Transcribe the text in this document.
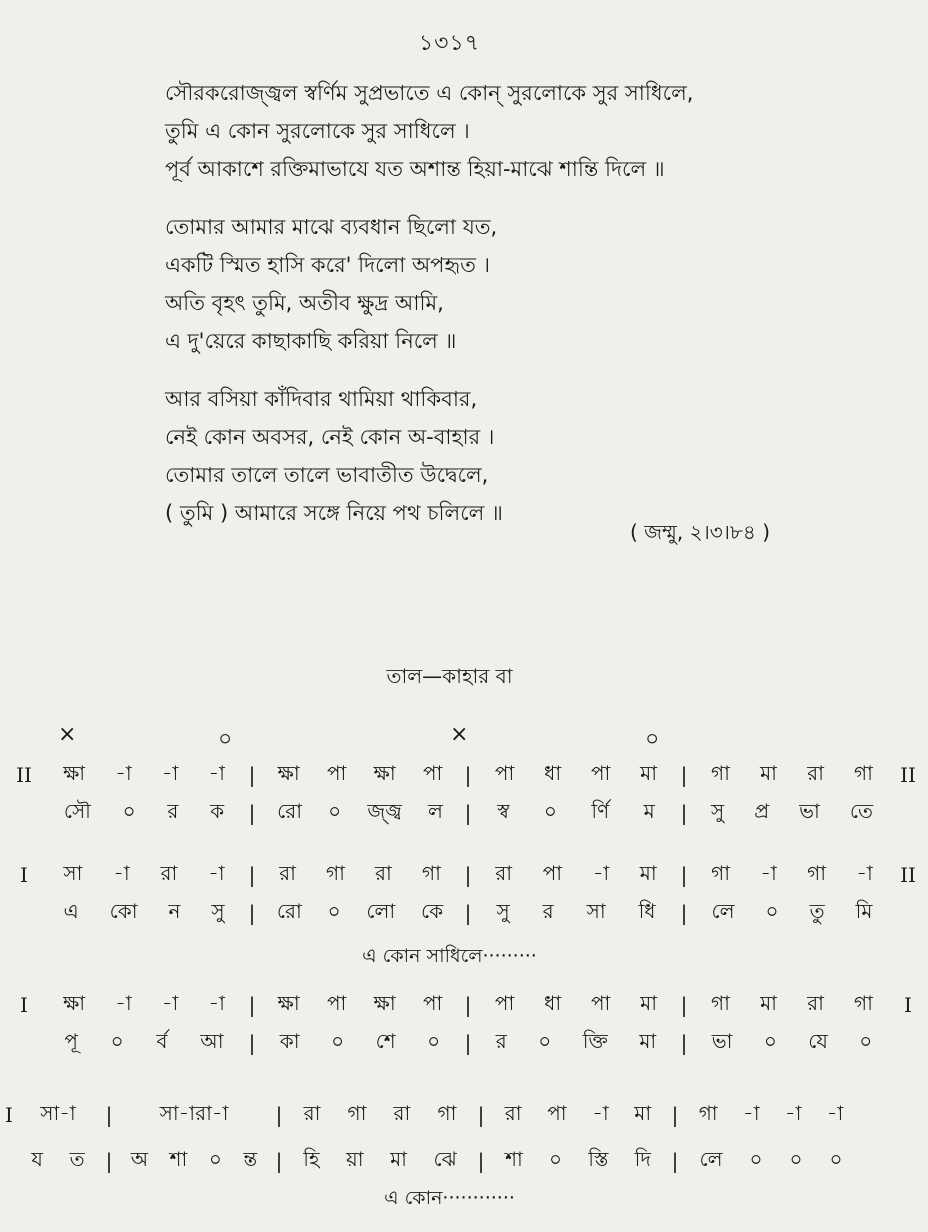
১৩১৭
সৌরকরোজ্জ্বল স্বর্ণিম সুপ্রভাতে এ কোন্ সুরলোকে সুর সাধিলে,
তুমি এ কোন সুরলোকে সুর সাধিলে ।
পূর্ব আকাশে রক্তিমাভাযে যত অশান্ত হিয়া-মাঝে শান্তি দিলে ॥
তোমার আমার মাঝে ব্যবধান ছিলো যত,
একটি স্মিত হাসি করে' দিলো অপহৃত ।
অতি বৃহৎ তুমি, অতীব ক্ষুদ্র আমি,
এ দু'য়েরে কাছাকাছি করিয়া নিলে ॥
আর বসিয়া কাঁদিবার থামিয়া থাকিবার,
নেই কোন অবসর, নেই কোন অ-বাহার ।
তোমার তালে তালে ভাবাতীত উদ্বেলে,
( তুমি ) আমারে সঙ্গে নিয়ে পথ চলিলে ॥
( জম্মু, ২।৩।৮৪ )
তাল—কাহার বা
×	০	×	০
II	ক্ষা -া -া -া	|	ক্ষা পা ক্ষা পা	|	পা ধা পা মা	|	গা মা রা গা	II
সৌ ০ র ক	|	রো ০ জ্জ্ব ল	|	স্ব ০ র্ণি ম	|	সু প্র ভা তে
I	সা -া রা -া	|	রা গা রা গা	|	রা পা -া মা	|	গা -া গা -া	II
এ কো ন সু	|	রো ০ লো কে	|	সু র সা ধি	|	লে ০ তু মি
I	ক্ষা -া -া -া	|	ক্ষা পা ক্ষা পা	|	পা ধা পা মা	|	গা মা রা গা	I
পূ ০ র্ব আ	|	কা ০ শে ০	|	র ০ ক্তি মা	|	ভা ০ যে ০
I সা-া	|	সা-ারা-া	|	রা গা রা গা	|	রা পা -া মা	|	গা -া -া -া
য ত	| অ শা ০ ন্ত |	হি য়া মা ঝে	|	শা ০ স্তি দি	|	লে ০ ০ ০
এ কোন সাধিলে·········
এ কোন············
